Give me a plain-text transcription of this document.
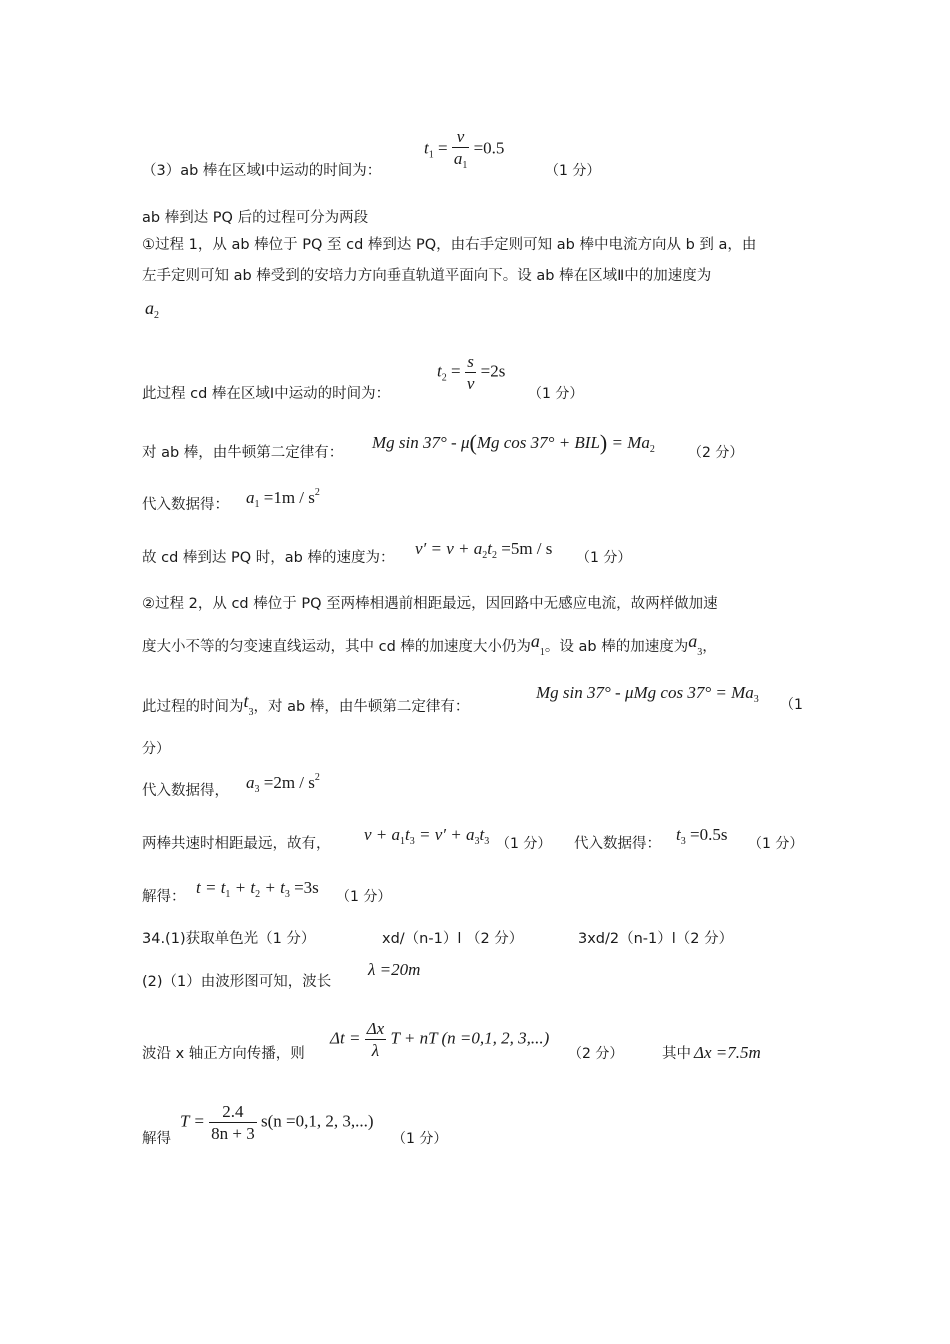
（3）ab 棒在区域Ⅰ中运动的时间为：
$t_1 = \frac{v}{a_1} =0.5$
（1 分）
ab 棒到达 PQ 后的过程可分为两段
①过程 1，从 ab 棒位于 PQ 至 cd 棒到达 PQ，由右手定则可知 ab 棒中电流方向从 b 到 a，由
左手定则可知 ab 棒受到的安培力方向垂直轨道平面向下。设 ab 棒在区域Ⅱ中的加速度为
$a_2$
此过程 cd 棒在区域Ⅰ中运动的时间为：
$t_2 = \frac{s}{v} =2s$
（1 分）
对 ab 棒，由牛顿第二定律有：
Mg sin 37° - μ(Mg $\cos 37^\circ + BIL) = Ma_2$ （2 分）
代入数据得： $a_1 =1m / s^2$
故 cd 棒到达 PQ 时，ab 棒的速度为： $v' = v + a_2t_2 =5m / s$ （1 分）
②过程 2，从 cd 棒位于 PQ 至两棒相遇前相距最远，因回路中无感应电流，故两样做加速
度大小不等的匀变速直线运动，其中 cd 棒的加速度大小仍为$a_1$。设 ab 棒的加速度为$a_3$，
此过程的时间为$t_3$，对 ab 棒，由牛顿第二定律有：
Mg sin 37° - μMg $\cos 37^\circ = Ma_3$ （1
分）
代入数据得， $a_3 =2m / s^2$
两棒共速时相距最远，故有， $v + a_1t_3 = v' + a_3t_3$ （1 分） 代入数据得： $t_3 =0.5s$ （1 分）
解得： $t = t_1 + t_2 + t_3 =3s$ （1 分）
34.(1)获取单色光（1 分）	xd/（n-1）l （2 分）	3xd/2（n-1）l（2 分）
(2)（1）由波形图可知，波长
λ =20m
波沿 x 轴正方向传播，则
$\Delta t = \frac{\Delta x}{\lambda}$ T + nT (n =0,1, 2, 3,...)
（2 分）	其中 Δx =7.5m
解得
$T = \frac{2.4}{8n + 3} s(n =0,1$, 2, 3,...)
（1 分）
